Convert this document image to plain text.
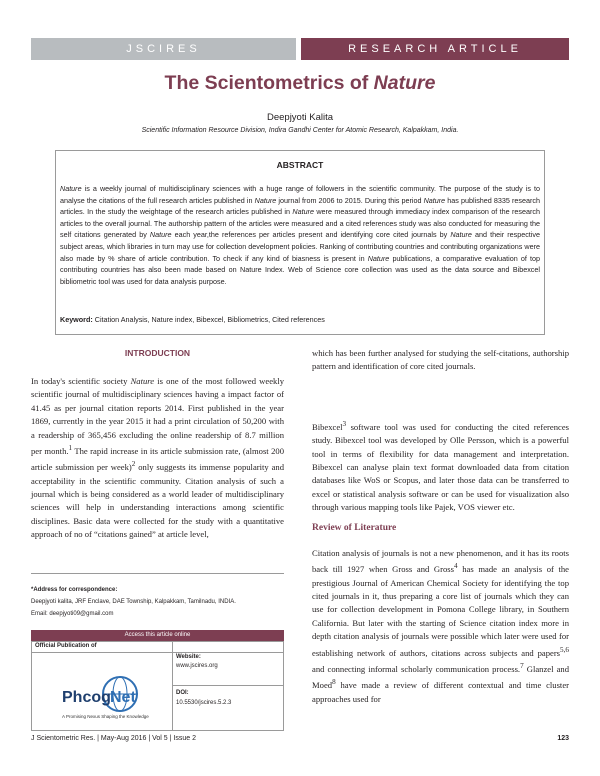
JSCIRES	RESEARCH ARTICLE
The Scientometrics of Nature
Deepjyoti Kalita
Scientific Information Resource Division, Indira Gandhi Center for Atomic Research, Kalpakkam, India.
ABSTRACT
Nature is a weekly journal of multidisciplinary sciences with a huge range of followers in the scientific community. The purpose of the study is to analyse the citations of the full research articles published in Nature journal from 2006 to 2015. During this period Nature has published 8335 research articles. In the study the weightage of the research articles published in Nature were measured through immediacy index comparison of the research articles to the overall journal. The authorship pattern of the articles were measured and a cited references study was also conducted for measuring the self citations generated by Nature each year,the references per articles present and identifying core cited journals by Nature and their respective subject areas, which libraries in turn may use for collection development policies. Ranking of contributing countries and contributing organizations were also made by % share of article contribution. To check if any kind of biasness is present in Nature publications, a comparative evaluation of top contributing countries has also been made based on Nature Index. Web of Science core collection was used as the data source and Bibexcel bibliometric tool was used for data analysis purpose.
Keyword: Citation Analysis, Nature index, Bibexcel, Bibliometrics, Cited references
INTRODUCTION
In today's scientific society Nature is one of the most followed weekly scientific journal of multidisciplinary sciences having a impact factor of 41.45 as per journal citation reports 2014. First published in the year 1869, currently in the year 2015 it had a print circulation of 50,200 with a readership of 365,456 excluding the online readership of 8.7 million per month.$^1$ The rapid increase in its article submission rate, (almost 200 article submission per week)$^2$ only suggests its immense popularity and acceptability in the scientific community. Citation analysis of such a journal which is being considered as a world leader of multidisciplinary sciences will help in understanding interactions among scientific disciplines. Basic data were collected for the study with a quantitative approach of no of “citations gained” at article level,
which has been further analysed for studying the self-citations, authorship pattern and identification of core cited journals.
Bibexcel$^3$ software tool was used for conducting the cited references study. Bibexcel tool was developed by Olle Persson, which is a powerful tool in terms of flexibility for data management and interpretation. Bibexcel can analyse plain text format downloaded data from citation databases like WoS or Scopus, and later those data can be transferred to excel or statistical analysis software or can be used for visualization also through various mapping tools like Pajek, VOS viewer etc.
Review of Literature
Citation analysis of journals is not a new phenomenon, and it has its roots back till 1927 when Gross and Gross$^4$ has made an analysis of the prestigious Journal of American Chemical Society for identifying the top cited journals in it, thus preparing a core list of journals which they can use for collection development in Pomona College library, in Southern California. But later with the starting of Science citation index more in depth citation analysis of journals were possible which later were used for establishing network of authors, citations across subjects and papers$^{5,6}$ and connecting informal scholarly communication process.$^7$ Glanzel and Moed$^8$ have made a review of different contextual and time cluster approaches used for
*Address for correspondence:
Deepjyoti kalita, JRF Enclave, DAE Township, Kalpakkam, Tamilnadu, INDIA.
Email: deepjyoti09@gmail.com
Access this article online
Official Publication of
Website:
www.jscires.org
DOI:
10.5530/jscires.5.2.3
Phcog Net
A Promising Nexus Shaping the Knowledge
J Scientometric Res. | May-Aug 2016 | Vol 5 | Issue 2	123
